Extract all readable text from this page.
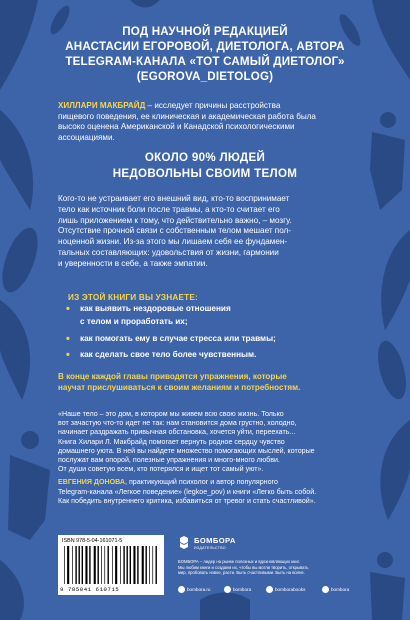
ПОД НАУЧНОЙ РЕДАКЦИЕЙ
АНАСТАСИИ ЕГОРОВОЙ, ДИЕТОЛОГА, АВТОРА
TELEGRAM-КАНАЛА «ТОТ САМЫЙ ДИЕТОЛОГ»
(EGOROVA_DIETOLOG)
ХИЛЛАРИ МАКБРАЙД – исследует причины расстройства
пищевого поведения, ее клиническая и академическая работа была
высоко оценена Американской и Канадской психологическими
ассоциациями.
ОКОЛО 90% ЛЮДЕЙ
НЕДОВОЛЬНЫ СВОИМ ТЕЛОМ
Кого-то не устраивает его внешний вид, кто-то воспринимает
тело как источник боли после травмы, а кто-то считает его
лишь приложением к тому, что действительно важно, – мозгу.
Отсутствие прочной связи с собственным телом мешает пол-
ноценной жизни. Из-за этого мы лишаем себя ее фундамен-
тальных составляющих: удовольствия от жизни, гармонии
и уверенности в себе, а также эмпатии.
ИЗ ЭТОЙ КНИГИ ВЫ УЗНАЕТЕ:
• как выявить нездоровые отношения
с телом и проработать их;
• как помогать ему в случае стресса или травмы;
• как сделать свое тело более чувственным.
В конце каждой главы приводятся упражнения, которые
научат прислушиваться к своим желаниям и потребностям.
«Наше тело – это дом, в котором мы живем всю свою жизнь. Только
вот зачастую что-то идет не так: нам становится дома грустно, холодно,
начинает раздражать привычная обстановка, хочется уйти, переехать...
Книга Хилари Л. Макбрайд помогает вернуть родное сердцу чувство
домашнего уюта. В ней вы найдете множество помогающих мыслей, которые
послужат вам опорой, полезные упражнения и много-много любви.
От души советую всем, кто потерялся и ищет тот самый уют».
ЕВГЕНИЯ ДОНОВА, практикующий психолог и автор популярного
Telegram-канала «Легкое поведение» (legkoe_pov) и книги «Легко быть собой.
Как победить внутреннего критика, избавиться от тревог и стать счастливой».
ISBN 978-5-04-161071-5
9 785041 610715
БОМБОРА
ИЗДАТЕЛЬСТВО
БОМБОРА – лидер на рынке полезных и вдохновляющих книг.
Мы любим книги и создаем их, чтобы вы могли творить, открывать
мир, пробовать новое, расти. Быть счастливыми. Быть на волне.
bombora.ru	bombora	bomborabooks	bombora
